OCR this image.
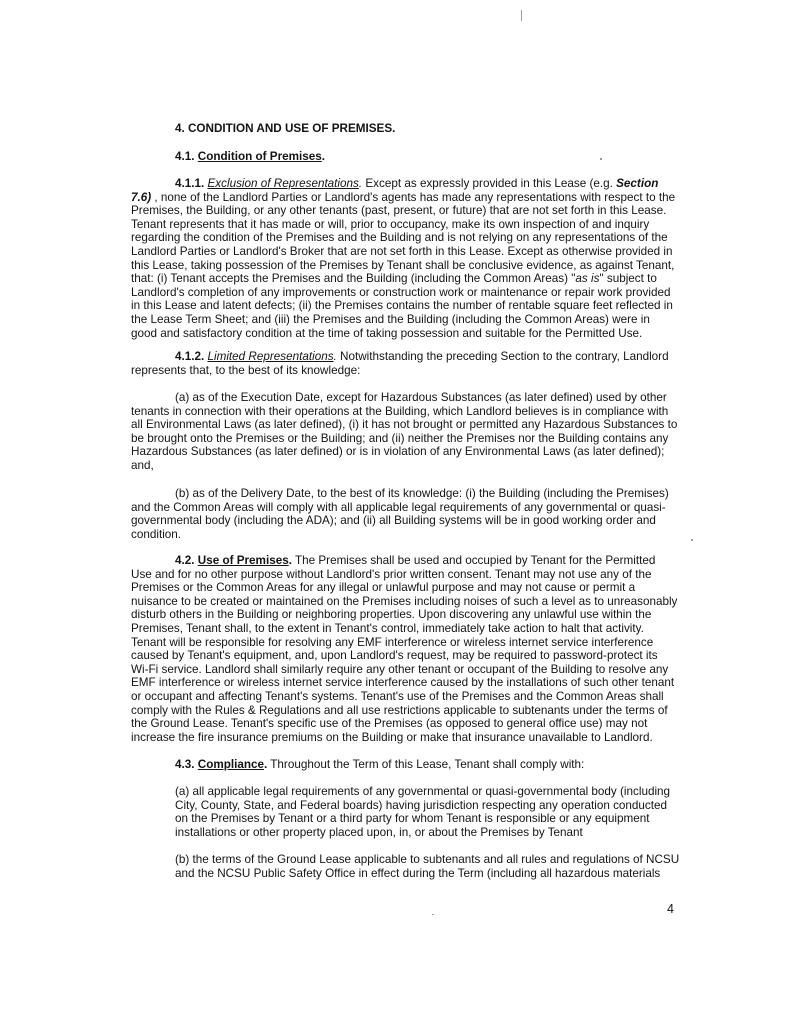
4. CONDITION AND USE OF PREMISES.
4.1. Condition of Premises.
4.1.1. Exclusion of Representations. Except as expressly provided in this Lease (e.g. Section
7.6) , none of the Landlord Parties or Landlord's agents has made any representations with respect to the
Premises, the Building, or any other tenants (past, present, or future) that are not set forth in this Lease.
Tenant represents that it has made or will, prior to occupancy, make its own inspection of and inquiry
regarding the condition of the Premises and the Building and is not relying on any representations of the
Landlord Parties or Landlord's Broker that are not set forth in this Lease. Except as otherwise provided in
this Lease, taking possession of the Premises by Tenant shall be conclusive evidence, as against Tenant,
that: (i) Tenant accepts the Premises and the Building (including the Common Areas) "as is" subject to
Landlord's completion of any improvements or construction work or maintenance or repair work provided
in this Lease and latent defects; (ii) the Premises contains the number of rentable square feet reflected in
the Lease Term Sheet; and (iii) the Premises and the Building (including the Common Areas) were in
good and satisfactory condition at the time of taking possession and suitable for the Permitted Use.
4.1.2. Limited Representations. Notwithstanding the preceding Section to the contrary, Landlord
represents that, to the best of its knowledge:
(a) as of the Execution Date, except for Hazardous Substances (as later defined) used by other
tenants in connection with their operations at the Building, which Landlord believes is in compliance with
all Environmental Laws (as later defined), (i) it has not brought or permitted any Hazardous Substances to
be brought onto the Premises or the Building; and (ii) neither the Premises nor the Building contains any
Hazardous Substances (as later defined) or is in violation of any Environmental Laws (as later defined);
and,
(b) as of the Delivery Date, to the best of its knowledge: (i) the Building (including the Premises)
and the Common Areas will comply with all applicable legal requirements of any governmental or quasi-
governmental body (including the ADA); and (ii) all Building systems will be in good working order and
condition.
4.2. Use of Premises. The Premises shall be used and occupied by Tenant for the Permitted
Use and for no other purpose without Landlord's prior written consent. Tenant may not use any of the
Premises or the Common Areas for any illegal or unlawful purpose and may not cause or permit a
nuisance to be created or maintained on the Premises including noises of such a level as to unreasonably
disturb others in the Building or neighboring properties. Upon discovering any unlawful use within the
Premises, Tenant shall, to the extent in Tenant's control, immediately take action to halt that activity.
Tenant will be responsible for resolving any EMF interference or wireless internet service interference
caused by Tenant's equipment, and, upon Landlord's request, may be required to password-protect its
Wi-Fi service. Landlord shall similarly require any other tenant or occupant of the Building to resolve any
EMF interference or wireless internet service interference caused by the installations of such other tenant
or occupant and affecting Tenant's systems. Tenant's use of the Premises and the Common Areas shall
comply with the Rules & Regulations and all use restrictions applicable to subtenants under the terms of
the Ground Lease. Tenant's specific use of the Premises (as opposed to general office use) may not
increase the fire insurance premiums on the Building or make that insurance unavailable to Landlord.
4.3. Compliance. Throughout the Term of this Lease, Tenant shall comply with:
(a) all applicable legal requirements of any governmental or quasi-governmental body (including
City, County, State, and Federal boards) having jurisdiction respecting any operation conducted
on the Premises by Tenant or a third party for whom Tenant is responsible or any equipment
installations or other property placed upon, in, or about the Premises by Tenant
(b) the terms of the Ground Lease applicable to subtenants and all rules and regulations of NCSU
and the NCSU Public Safety Office in effect during the Term (including all hazardous materials
4
